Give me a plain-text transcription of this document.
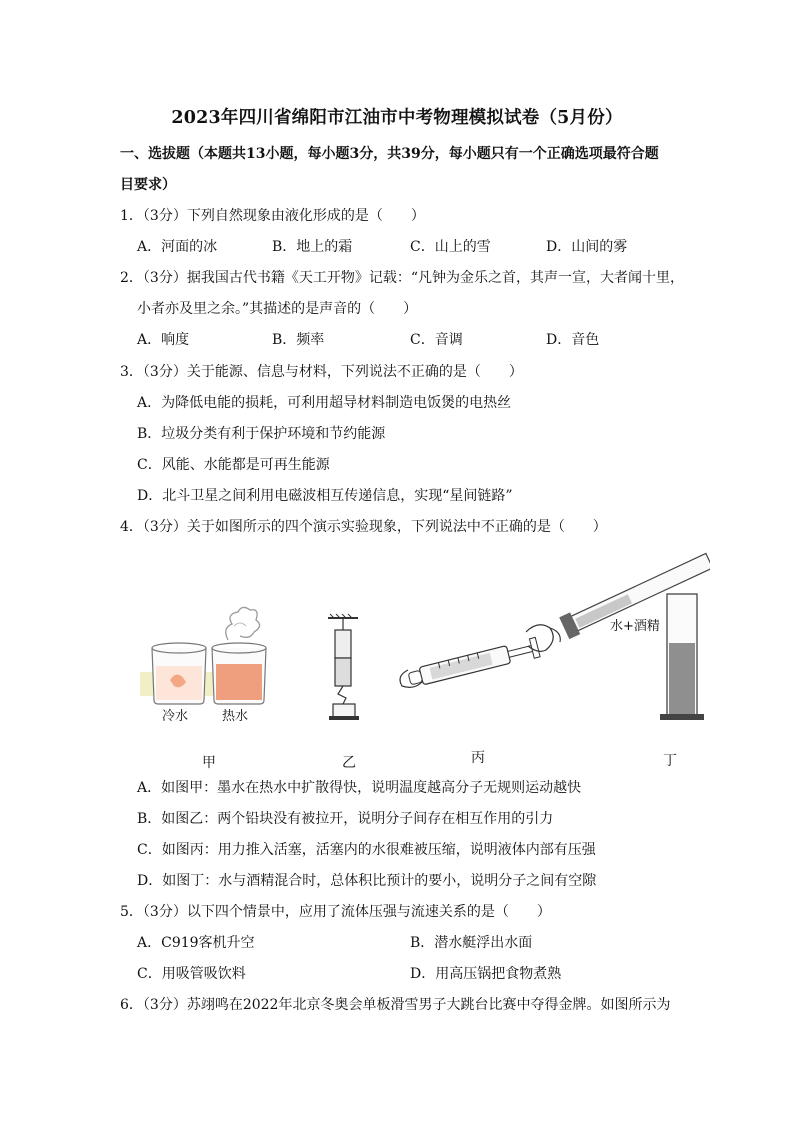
2023年四川省绵阳市江油市中考物理模拟试卷（5月份）
一、选拔题（本题共13小题，每小题3分，共39分，每小题只有一个正确选项最符合题
目要求）
1．（3分）下列自然现象由液化形成的是（　　）
A．河面的冰	B．地上的霜	C．山上的雪	D．山间的雾
2．（3分）据我国古代书籍《天工开物》记载：“凡钟为金乐之首，其声一宣，大者闻十里，
小者亦及里之余。”其描述的是声音的（　　）
A．响度	B．频率	C．音调	D．音色
3．（3分）关于能源、信息与材料，下列说法不正确的是（　　）
A．为降低电能的损耗，可利用超导材料制造电饭煲的电热丝
B．垃圾分类有利于保护环境和节约能源
C．风能、水能都是可再生能源
D．北斗卫星之间利用电磁波相互传递信息，实现“星间链路”
4．（3分）关于如图所示的四个演示实验现象，下列说法中不正确的是（　　）
冷水	热水
水+酒精
甲	乙	丙	丁
A．如图甲：墨水在热水中扩散得快，说明温度越高分子无规则运动越快
B．如图乙：两个铅块没有被拉开，说明分子间存在相互作用的引力
C．如图丙：用力推入活塞，活塞内的水很难被压缩，说明液体内部有压强
D．如图丁：水与酒精混合时，总体积比预计的要小，说明分子之间有空隙
5．（3分）以下四个情景中，应用了流体压强与流速关系的是（　　）
A．C919客机升空	B．潜水艇浮出水面
C．用吸管吸饮料	D．用高压锅把食物煮熟
6．（3分）苏翊鸣在2022年北京冬奥会单板滑雪男子大跳台比赛中夺得金牌。如图所示为
